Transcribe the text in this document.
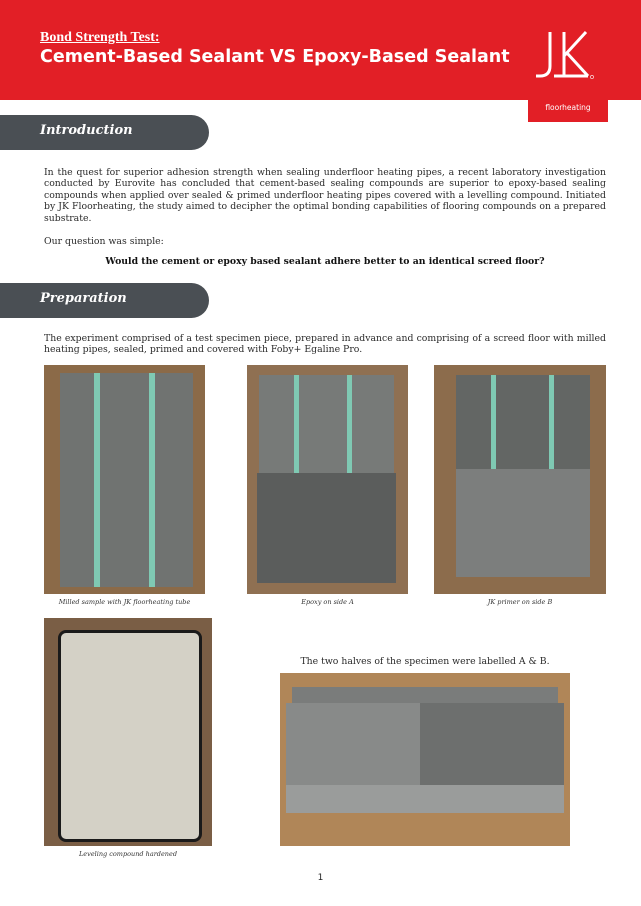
Bond Strength Test:
Cement-Based Sealant VS Epoxy-Based Sealant
floorheating
Introduction
In the quest for superior adhesion strength when sealing underfloor heating pipes, a recent laboratory investigation conducted by Eurovite has concluded that cement-based sealing compounds are superior to epoxy-based sealing compounds when applied over sealed & primed underfloor heating pipes covered with a levelling compound. Initiated by JK Floorheating, the study aimed to decipher the optimal bonding capabilities of flooring compounds on a prepared substrate.
Our question was simple:
Would the cement or epoxy based sealant adhere better to an identical screed floor?
Preparation
The experiment comprised of a test specimen piece, prepared in advance and comprising of a screed floor with milled heating pipes, sealed, primed and covered with Foby+ Egaline Pro.
Milled sample with JK floorheating tube	Epoxy on side A	JK primer on side B
Leveling compound hardened
The two halves of the specimen were labelled A & B.
1
